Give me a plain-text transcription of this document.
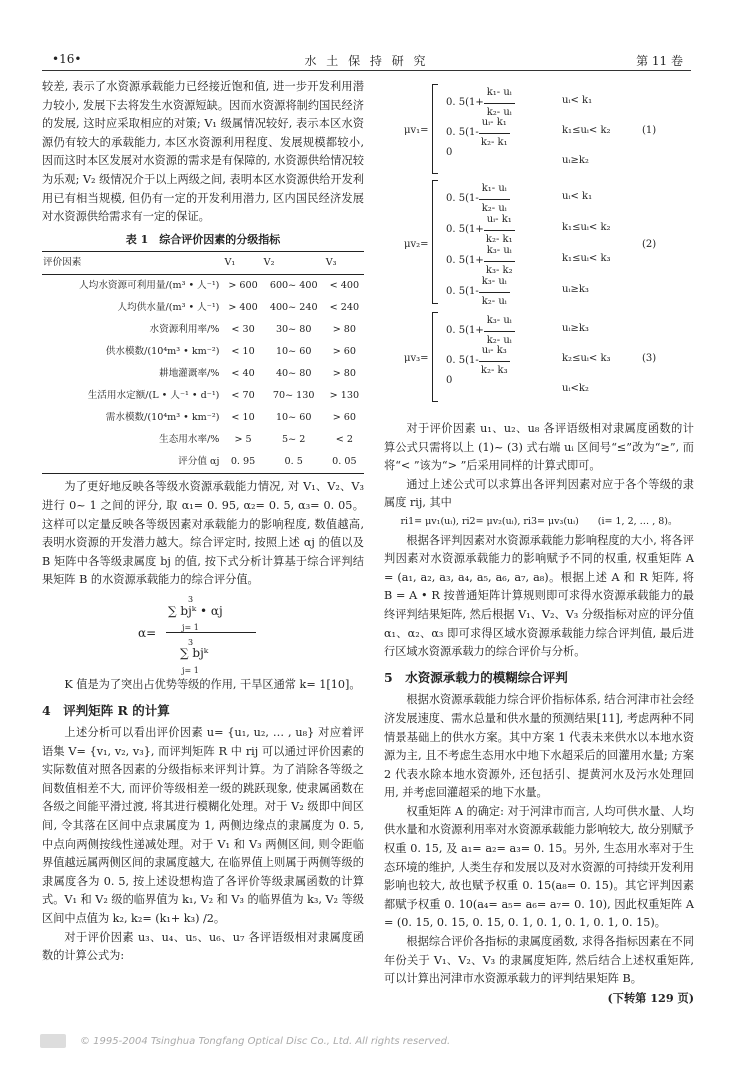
•16•	水 土 保 持 研 究	第 11 卷

较差, 表示了水资源承载能力已经接近饱和值, 进一步开发利用潜力较小, 发展下去将发生水资源短缺。因而水资源将制约国民经济的发展, 这时应采取相应的对策; V₁ 级属情况较好, 表示本区水资源仍有较大的承载能力, 本区水资源利用程度、发展规模都较小, 因而这时本区发展对水资源的需求是有保障的, 水资源供给情况较为乐观; V₂ 级情况介于以上两级之间, 表明本区水资源供给开发利用已有相当规模, 但仍有一定的开发利用潜力, 区内国民经济发展对水资源供给需求有一定的保证。

表 1　综合评价因素的分级指标
评价因素	V₁	V₂	V₃
人均水资源可利用量/(m³ • 人⁻¹)	> 600	600~ 400	< 400
人均供水量/(m³ • 人⁻¹)	> 400	400~ 240	< 240
水资源利用率/%	< 30	30~ 80	> 80
供水模数/(10⁴m³ • km⁻²)	< 10	10~ 60	> 60
耕地灌溉率/%	< 40	40~ 80	> 80
生活用水定额/(L • 人⁻¹ • d⁻¹)	< 70	70~ 130	> 130
需水模数/(10⁴m³ • km⁻²)	< 10	10~ 60	> 60
生态用水率/%	> 5	5~ 2	< 2
评分值 αj	0. 95	0. 5	0. 05

为了更好地反映各等级水资源承载能力情况, 对 V₁、V₂、V₃ 进行 0~ 1 之间的评分, 取 α₁= 0. 95, α₂= 0. 5, α₃= 0. 05。这样可以定量反映各等级因素对承载能力的影响程度, 数值越高, 表明水资源的开发潜力越大。综合评定时, 按照上述 αj 的值以及 B 矩阵中各等级隶属度 bj 的值, 按下式分析计算基于综合评判结果矩阵 B 的水资源承载能力的综合评分值。

α=
3
∑ bjᵏ • αj
j= 1
3
∑ bjᵏ
j= 1

K 值是为了突出占优势等级的作用, 干旱区通常 k= 1[10]。

4　评判矩阵 R 的计算

上述分析可以看出评价因素 u= {u₁, u₂, … , u₈} 对应着评语集 V= {v₁, v₂, v₃}, 而评判矩阵 R 中 rij 可以通过评价因素的实际数值对照各因素的分级指标来评判计算。为了消除各等级之间数值相差不大, 而评价等级相差一级的跳跃现象, 使隶属函数在各级之间能平滑过渡, 将其进行模糊化处理。对于 V₂ 级即中间区间, 令其落在区间中点隶属度为 1, 两侧边缘点的隶属度为 0. 5, 中点向两侧按线性递减处理。对于 V₁ 和 V₃ 两侧区间, 则令距临界值越远属两侧区间的隶属度越大, 在临界值上则属于两侧等级的隶属度各为 0. 5, 按上述设想构造了各评价等级隶属函数的计算式。V₁ 和 V₂ 级的临界值为 k₁, V₂ 和 V₃ 的临界值为 k₃, V₂ 等级区间中点值为 k₂, k₂= (k₁+ k₃) /2。

对于评价因素 u₃、u₄、u₅、u₆、u₇ 各评语级相对隶属度函数的计算公式为:

μv₁=	(1)
0. $5(1+ \frac{\text{k₁- uᵢ}}{\text{k₂- uᵢ}}$	uᵢ< k₁
0. $5(1- \frac{\text{uᵢ- k₁}}{\text{k₂- k₁}}$	k₁≤uᵢ< k₂
0
uᵢ≥k₂
μv₂=	(2)
0. $5(1- \frac{\text{k₁- uᵢ}}{\text{k₂- uᵢ}}$	uᵢ< k₁
0. $5(1+ \frac{\text{uᵢ- k₁}}{\text{k₂- k₁}}$	k₁≤uᵢ< k₂
0. $5(1+ \frac{\text{k₃- uᵢ}}{\text{k₃- k₂}}$	k₁≤uᵢ< k₃
0. $5(1- \frac{\text{k₃- uᵢ}}{\text{k₂- uᵢ}}$	uᵢ≥k₃
μv₃=	(3)
0. $5(1+ \frac{\text{k₃- uᵢ}}{\text{k₂- uᵢ}}$	uᵢ≥k₃
0. $5(1- \frac{\text{uᵢ- k₃}}{\text{k₂- k₃}}$	k₂≤uᵢ< k₃
0
uᵢ<k₂

对于评价因素 u₁、u₂、u₈ 各评语级相对隶属度函数的计算公式只需将以上 (1)~ (3) 式右端 uᵢ 区间号“≤”改为“≥”, 而将“< ”该为“> ”后采用同样的计算式即可。

通过上述公式可以求算出各评判因素对应于各个等级的隶属度 rij, 其中

ri1= μv₁(uᵢ), ri2= μv₂(uᵢ), ri3= μv₃(uᵢ)　　(i= 1, 2, … , 8)。

根据各评判因素对水资源承载能力影响程度的大小, 将各评判因素对水资源承载能力的影响赋予不同的权重, 权重矩阵 A = (a₁, a₂, a₃, a₄, a₅, a₆, a₇, a₈)。根据上述 A 和 R 矩阵, 将 B = A • R 按普通矩阵计算规则即可求得水资源承载能力的最终评判结果矩阵, 然后根据 V₁、V₂、V₃ 分级指标对应的评分值 α₁、α₂、α₃ 即可求得区域水资源承载能力综合评判值, 最后进行区域水资源承载力的综合评价与分析。

5　水资源承载力的模糊综合评判

根据水资源承载能力综合评价指标体系, 结合河津市社会经济发展速度、需水总量和供水量的预测结果[11], 考虑两种不同情景基础上的供水方案。其中方案 1 代表未来供水以本地水资源为主, 且不考虑生态用水中地下水超采后的回灌用水量; 方案 2 代表水除本地水资源外, 还包括引、提黄河水及污水处理回用, 并考虑回灌超采的地下水量。

权重矩阵 A 的确定: 对于河津市而言, 人均可供水量、人均供水量和水资源利用率对水资源承载能力影响较大, 故分别赋予权重 0. 15, 及 a₁= a₂= a₃= 0. 15。另外, 生态用水率对于生态环境的维护, 人类生存和发展以及对水资源的可持续开发利用影响也较大, 故也赋予权重 0. 15(a₈= 0. 15)。其它评判因素都赋予权重 0. 10(a₄= a₅= a₆= a₇= 0. 10), 因此权重矩阵 A = (0. 15, 0. 15, 0. 15, 0. 1, 0. 1, 0. 1, 0. 1, 0. 15)。

根据综合评价各指标的隶属度函数, 求得各指标因素在不同年份关于 V₁、V₂、V₃ 的隶属度矩阵, 然后结合上述权重矩阵, 可以计算出河津市水资源承载力的评判结果矩阵 B。

(下转第 129 页)

© 1995-2004 Tsinghua Tongfang Optical Disc Co., Ltd. All rights reserved.
